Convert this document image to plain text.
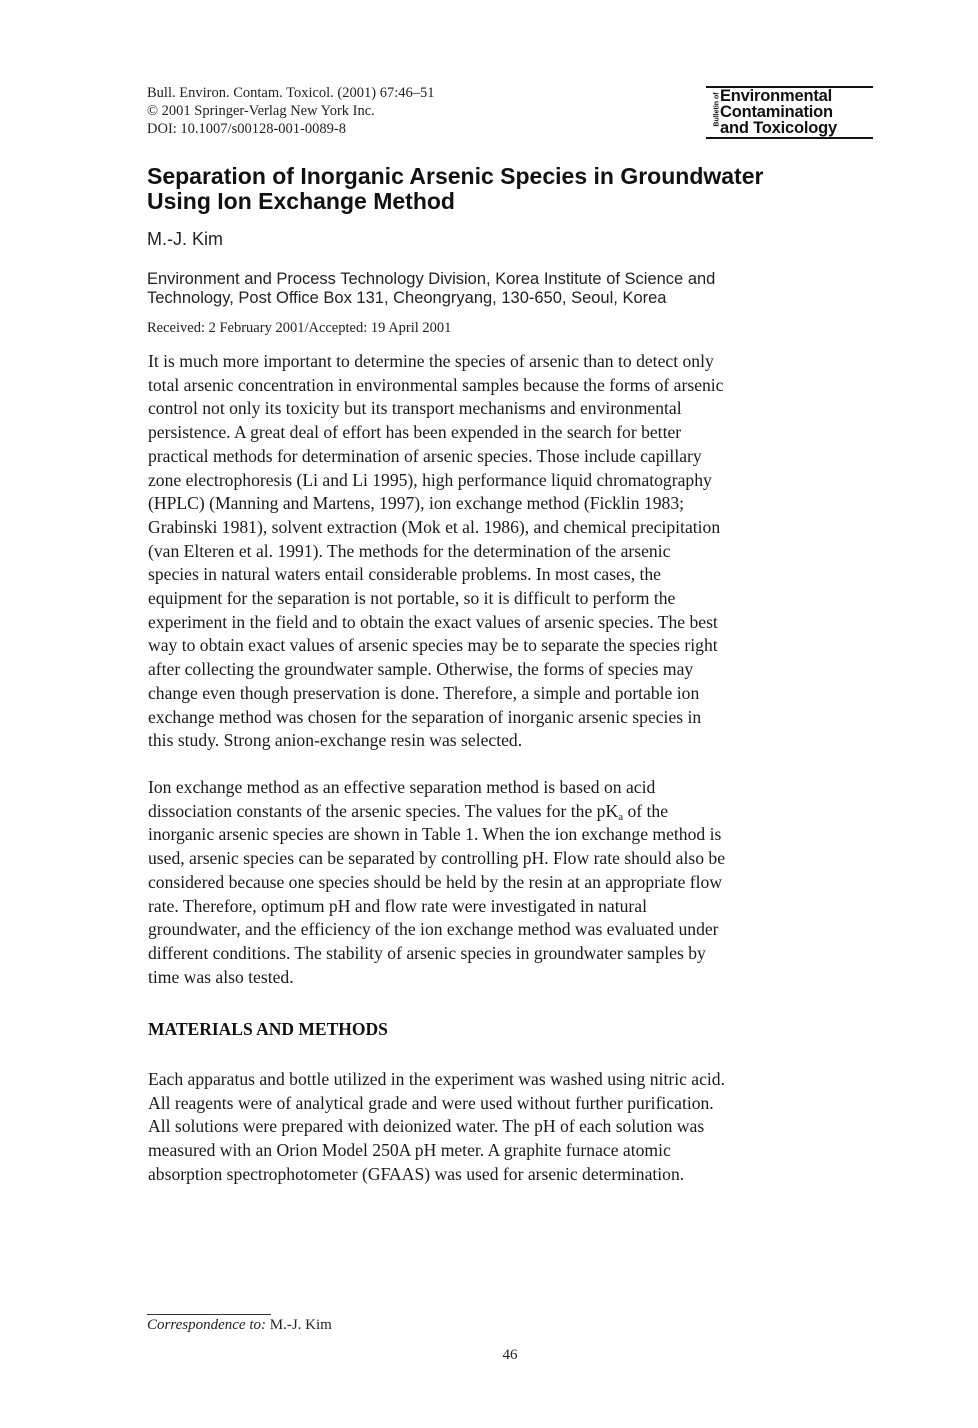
Bull. Environ. Contam. Toxicol. (2001) 67:46–51
© 2001 Springer-Verlag New York Inc.
DOI: 10.1007/s00128-001-0089-8
Bulletin of Environmental
Contamination
and Toxicology
Separation of Inorganic Arsenic Species in Groundwater
Using Ion Exchange Method
M.-J. Kim
Environment and Process Technology Division, Korea Institute of Science and
Technology, Post Office Box 131, Cheongryang, 130-650, Seoul, Korea
Received: 2 February 2001/Accepted: 19 April 2001
It is much more important to determine the species of arsenic than to detect only
total arsenic concentration in environmental samples because the forms of arsenic
control not only its toxicity but its transport mechanisms and environmental
persistence. A great deal of effort has been expended in the search for better
practical methods for determination of arsenic species. Those include capillary
zone electrophoresis (Li and Li 1995), high performance liquid chromatography
(HPLC) (Manning and Martens, 1997), ion exchange method (Ficklin 1983;
Grabinski 1981), solvent extraction (Mok et al. 1986), and chemical precipitation
(van Elteren et al. 1991). The methods for the determination of the arsenic
species in natural waters entail considerable problems. In most cases, the
equipment for the separation is not portable, so it is difficult to perform the
experiment in the field and to obtain the exact values of arsenic species. The best
way to obtain exact values of arsenic species may be to separate the species right
after collecting the groundwater sample. Otherwise, the forms of species may
change even though preservation is done. Therefore, a simple and portable ion
exchange method was chosen for the separation of inorganic arsenic species in
this study. Strong anion-exchange resin was selected.
Ion exchange method as an effective separation method is based on acid
dissociation constants of the arsenic species. The values for the $pK_a$ of the
inorganic arsenic species are shown in Table 1. When the ion exchange method is
used, arsenic species can be separated by controlling pH. Flow rate should also be
considered because one species should be held by the resin at an appropriate flow
rate. Therefore, optimum pH and flow rate were investigated in natural
groundwater, and the efficiency of the ion exchange method was evaluated under
different conditions. The stability of arsenic species in groundwater samples by
time was also tested.
MATERIALS AND METHODS
Each apparatus and bottle utilized in the experiment was washed using nitric acid.
All reagents were of analytical grade and were used without further purification.
All solutions were prepared with deionized water. The pH of each solution was
measured with an Orion Model 250A pH meter. A graphite furnace atomic
absorption spectrophotometer (GFAAS) was used for arsenic determination.
Correspondence to: M.-J. Kim
46
